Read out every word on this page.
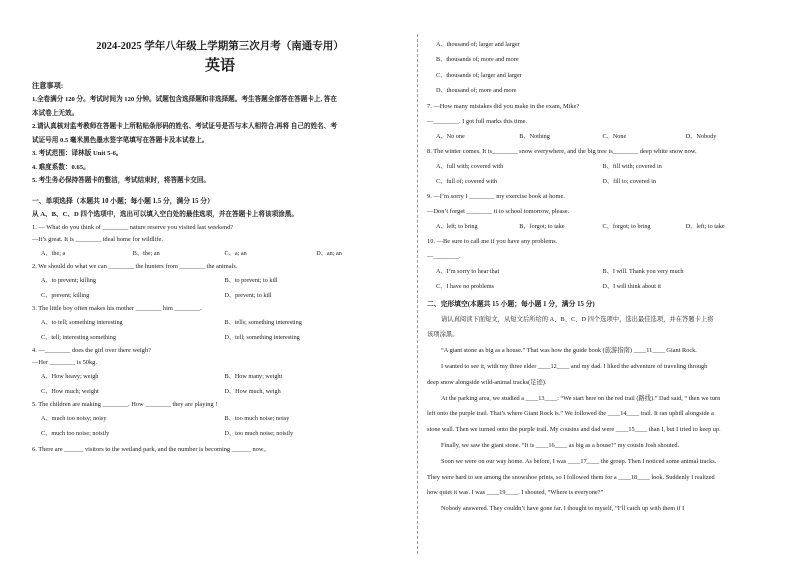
2024-2025 学年八年级上学期第三次月考（南通专用）
英语
注意事项:
1.全卷满分 120 分。考试时间为 120 分钟。试题包含选择题和非选择题。考生答题全部答在答题卡上, 答在
本试卷上无效。
2.请认真核对监考教师在答题卡上所粘贴条形码的姓名、考试证号是否与本人相符合,再将 自己的姓名、考
试证号用 0.5 毫米黑色墨水签字笔填写在答题卡及本试卷上。
3. 考试范围：译林版 Unit 5-6。
4. 难度系数：0.65。
5. 考生务必保持答题卡的整洁，考试结束时，将答题卡交回。
一、单项选择（本题共 10 小题；每小题 1.5 分，满分 15 分）
从 A、B、C、D 四个选项中，选出可以填入空白处的最佳选项，并在答题卡上将该项涂黑。
1. — What do you think of ________ nature reserve you visited last weekend?
—It’s great. It is ________ ideal home for wildlife.
A、the; a	B、the; an	C、a; an	D、an; an
2. We should do what we can ________ the hunters from ________ the animals.
A、to prevent; killing	B、to prevent; to kill
C、prevent; killing	D、prevent; to kill
3. The little boy often makes his mother ________ him ________.
A、to tell; something interesting	B、tells; something interesting
C、tell; interesting something	D、tell; something interesting
4. —________ does the girl over there weigh?
—Her ________ is 50kg.
A、How heavy; weigh	B、How many; weight
C、How much; weight	D、How much, weigh
5. The children are making ________. How ________ they are playing !
A、much too noisy; noisy	B、too much noise; noisy
C、much too noise; noisily	D、too much noise; noisily
6. There are ______ visitors to the wetland park, and the number is becoming ______ now。
A、thousand of; larger and larger
B、thousands of; more and more
C、thousands of; larger and larger
D、thousand of; more and more
7. —How many mistakes did you make in the exam, Mike?
—________. I got full marks this time.
A、No one	B、Nothing	C、None	D、Nobody
8. The winter comes. It is________ snow everywhere, and the big tree is________ deep white snow now.
A、full with; covered with	B、fill with; covered in
C、full of; covered with	D、fill to; covered in
9. —I’m sorry I ________ my exercise book at home.
—Don’t forget ________ it to school tomorrow, please.
A、left; to bring	B、forgot; to take	C、forgot; to bring	D、left; to take
10. —Be sure to call me if you have any problems.
—________.
A、I’m sorry to hear that	B、I will. Thank you very much
C、I have no problems	D、I will think about it
二、完形填空(本题共 15 小题；每小题 1 分，满分 15 分)
请认真阅读下面短文，从短文后所给的 A、B、C、D 四个选项中，选出最佳选项，并在答题卡上将
该项涂黑。
“A giant stone as big as a house.” That was how the guide book (旅游指南) ____11____ Giant Rock.
I wanted to see it, with my three elder ____12____ and my dad. I liked the adventure of traveling through
deep snow alongside wild-animal tracks(足迹).
At the parking area, we studied a ____13____: “We start here on the red trail (路线).” Dad said, “ then we turn
left onto the purple trail. That’s where Giant Rock is.” We followed the ____14____ trail. It ran uphill alongside a
stone wall. Then we turned onto the purple trail. My cousins and dad were ____15____ than I, but I tried to keep up.
Finally, we saw the giant stone. “It is ____16____ as big as a house!” my cousin Josh shouted.
Soon we were on our way home. As before, I was ____17____ the group. Then I noticed some animal tracks.
They were hard to see among the snowshoe prints, so I followed them for a ____18____ look. Suddenly I realized
how quiet it was. I was ____19____. I shouted, “Where is everyone?”
Nobody answered. They couldn’t have gone far. I thought to myself, “I’ll catch up with them if I
